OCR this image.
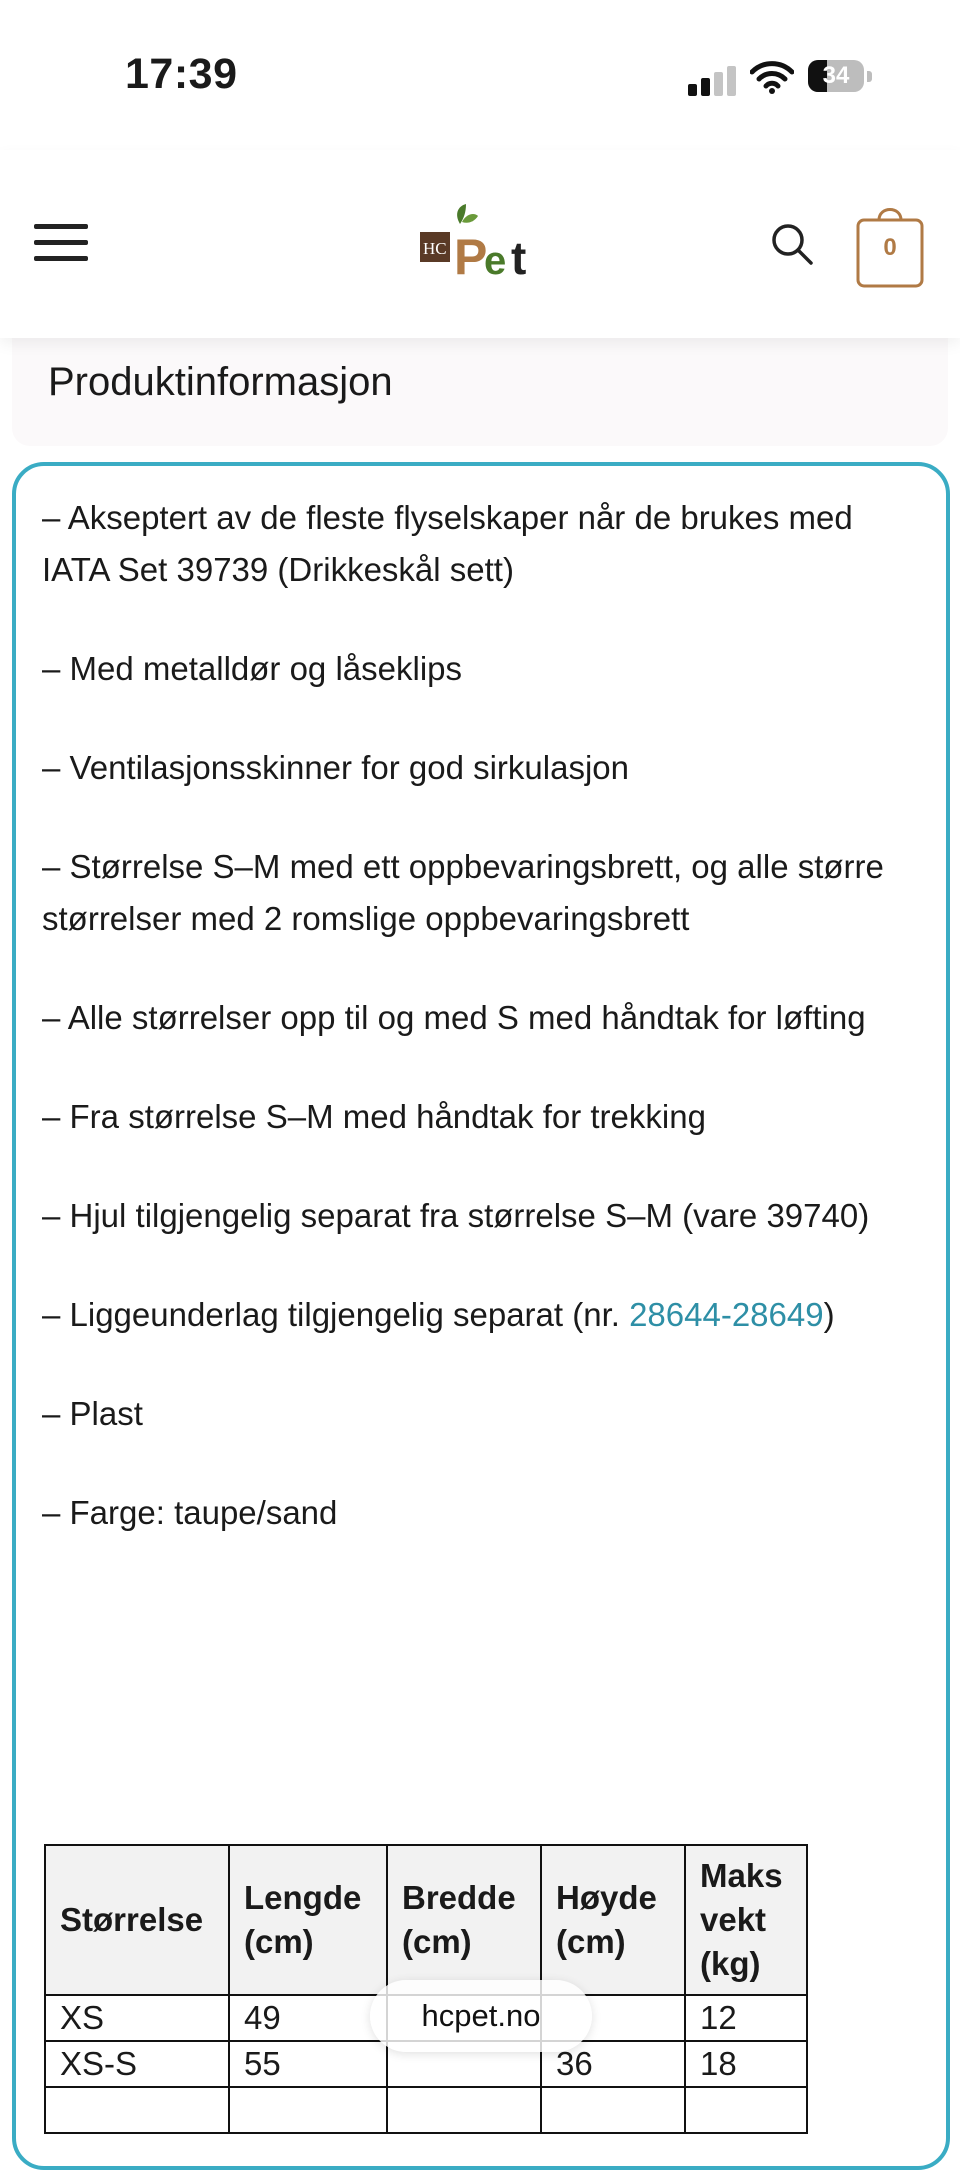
17:39	34
HC P
e t	0
Produktinformasjon

– Akseptert av de fleste flyselskaper når de brukes med IATA Set 39739 (Drikkeskål sett)

– Med metalldør og låseklips

– Ventilasjonsskinner for god sirkulasjon

– Størrelse S–M med ett oppbevaringsbrett, og alle større størrelser med 2 romslige oppbevaringsbrett

– Alle størrelser opp til og med S med håndtak for løfting

– Fra størrelse S–M med håndtak for trekking

– Hjul tilgjengelig separat fra størrelse S–M (vare 39740)

– Liggeunderlag tilgjengelig separat (nr. 28644-28649)

– Plast

– Farge: taupe/sand

Størrelse	Lengde (cm)	Bredde (cm)	Høyde (cm)	Maks vekt (kg)
XS	49			12
XS-S	55		36	18

hcpet.no
